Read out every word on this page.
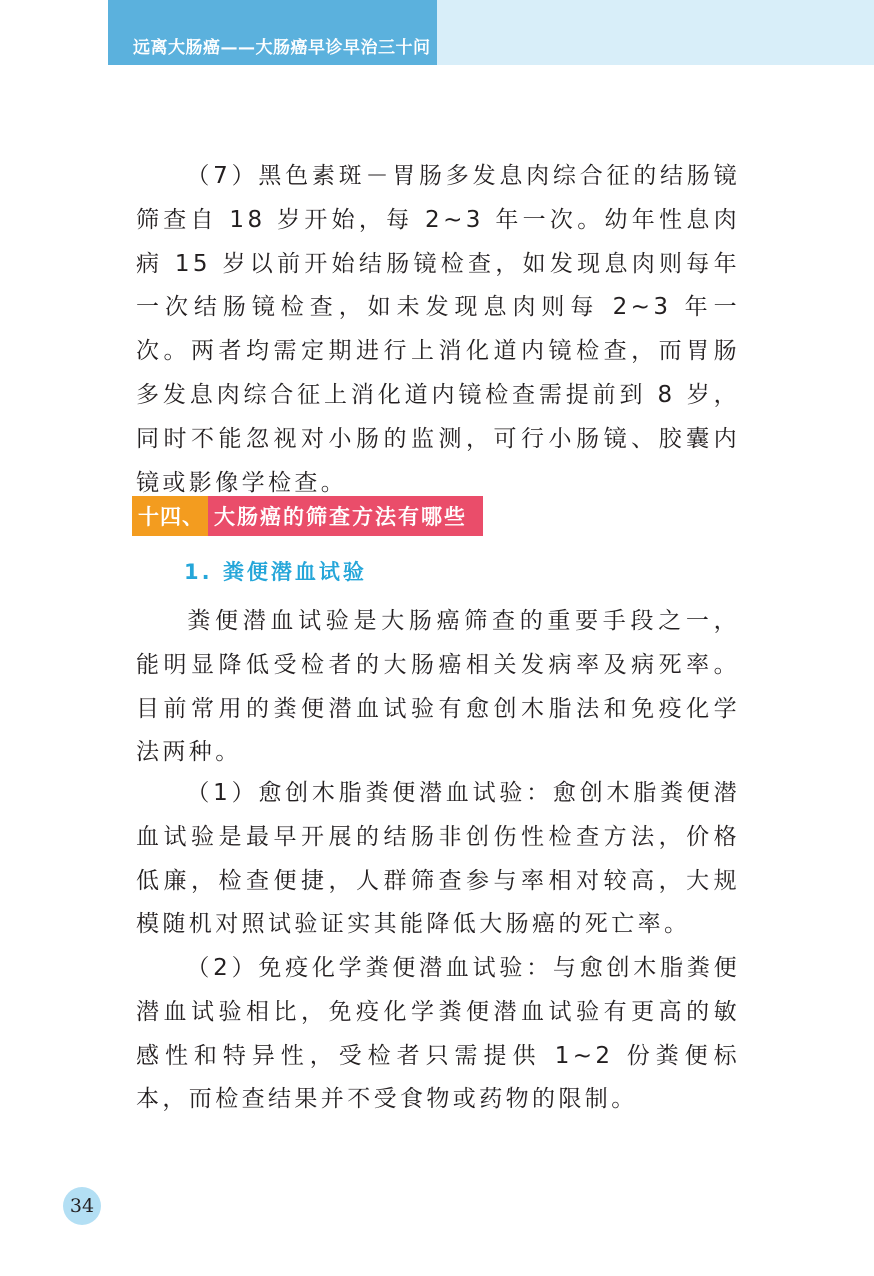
远离大肠癌——大肠癌早诊早治三十问

（7）黑色素斑－胃肠多发息肉综合征的结肠镜筛查自 18 岁开始，每 2~3 年一次。幼年性息肉病 15 岁以前开始结肠镜检查，如发现息肉则每年一次结肠镜检查，如未发现息肉则每 2~3 年一次。两者均需定期进行上消化道内镜检查，而胃肠多发息肉综合征上消化道内镜检查需提前到 8 岁，同时不能忽视对小肠的监测，可行小肠镜、胶囊内镜或影像学检查。

十四、 大肠癌的筛查方法有哪些
1. 粪便潜血试验

粪便潜血试验是大肠癌筛查的重要手段之一，能明显降低受检者的大肠癌相关发病率及病死率。目前常用的粪便潜血试验有愈创木脂法和免疫化学法两种。

（1）愈创木脂粪便潜血试验：愈创木脂粪便潜血试验是最早开展的结肠非创伤性检查方法，价格低廉，检查便捷，人群筛查参与率相对较高，大规模随机对照试验证实其能降低大肠癌的死亡率。

（2）免疫化学粪便潜血试验：与愈创木脂粪便潜血试验相比，免疫化学粪便潜血试验有更高的敏感性和特异性，受检者只需提供 1~2 份粪便标本，而检查结果并不受食物或药物的限制。

34
